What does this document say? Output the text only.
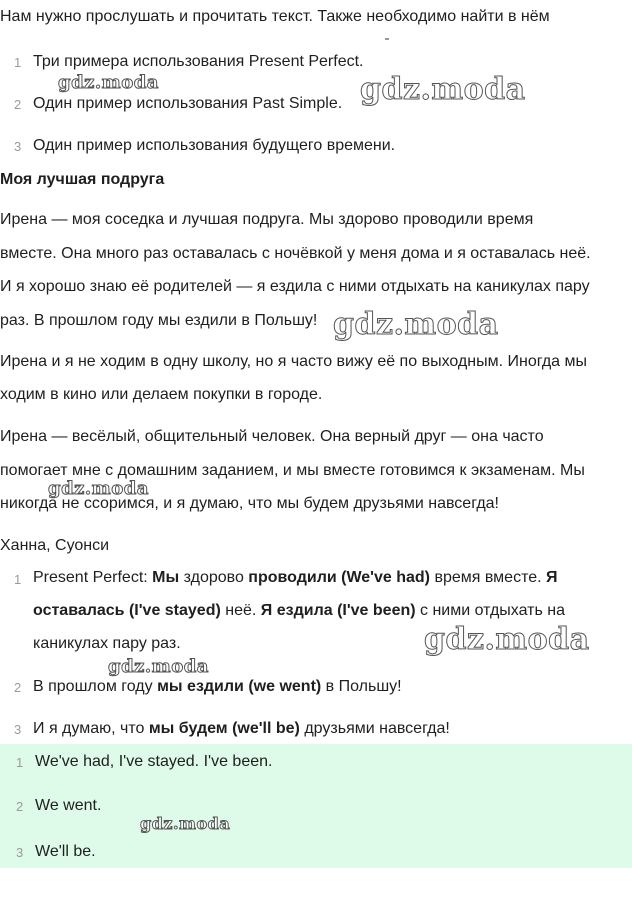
Нам нужно прослушать и прочитать текст. Также необходимо найти в нём

1 Три примера использования Present Perfect.
2 Один пример использования Past Simple.
3 Один пример использования будущего времени.
Моя лучшая подруга

Ирена — моя соседка и лучшая подруга. Мы здорово проводили время

вместе. Она много раз оставалась с ночёвкой у меня дома и я оставалась неё.

И я хорошо знаю её родителей — я ездила с ними отдыхать на каникулах пару

раз. В прошлом году мы ездили в Польшу!

Ирена и я не ходим в одну школу, но я часто вижу её по выходным. Иногда мы

ходим в кино или делаем покупки в городе.

Ирена — весёлый, общительный человек. Она верный друг — она часто

помогает мне с домашним заданием, и мы вместе готовимся к экзаменам. Мы

никогда не ссоримся, и я думаю, что мы будем друзьями навсегда!

Ханна, Суонси

1 Present Perfect: Мы здорово проводили (We've had) время вместе. Я оставалась (I've stayed) неё. Я ездила (I've been) с ними отдыхать на каникулах пару раз.
2 В прошлом году мы ездили (we went) в Польшу!
3 И я думаю, что мы будем (we'll be) друзьями навсегда!
1 We've had, I've stayed. I've been.
2 We went.
3 We'll be.
gdz.moda	gdz.moda
gdz.moda
gdz.moda
gdz.moda
gdz.moda
gdz.moda
